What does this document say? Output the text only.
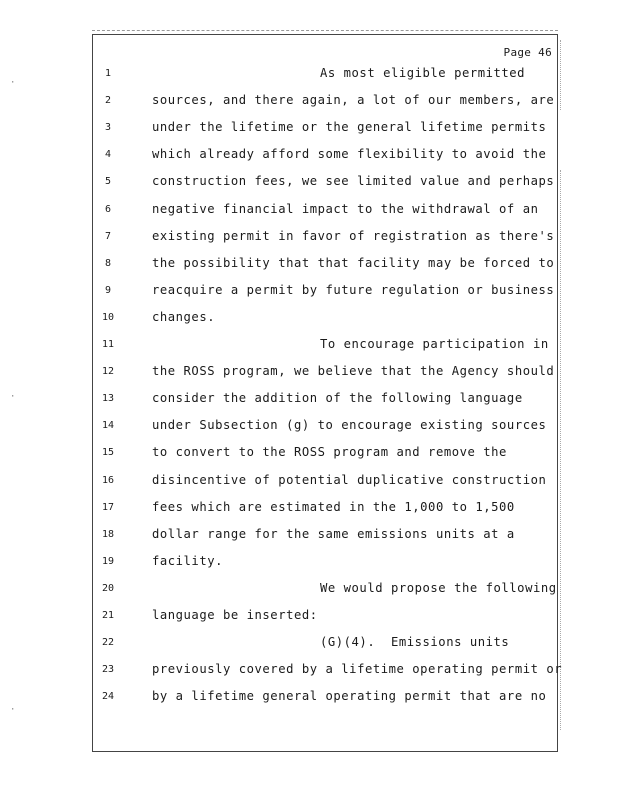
·
·
·
Page 46
1	As most eligible permitted
2	sources, and there again, a lot of our members, are
3	under the lifetime or the general lifetime permits
4	which already afford some flexibility to avoid the
5	construction fees, we see limited value and perhaps
6	negative financial impact to the withdrawal of an
7	existing permit in favor of registration as there's
8	the possibility that that facility may be forced to
9	reacquire a permit by future regulation or business
10	changes.
11	To encourage participation in
12	the ROSS program, we believe that the Agency should
13	consider the addition of the following language
14	under Subsection (g) to encourage existing sources
15	to convert to the ROSS program and remove the
16	disincentive of potential duplicative construction
17	fees which are estimated in the 1,000 to 1,500
18	dollar range for the same emissions units at a
19	facility.
20	We would propose the following
21	language be inserted:
22	(G)(4).  Emissions units
23	previously covered by a lifetime operating permit or
24	by a lifetime general operating permit that are no
